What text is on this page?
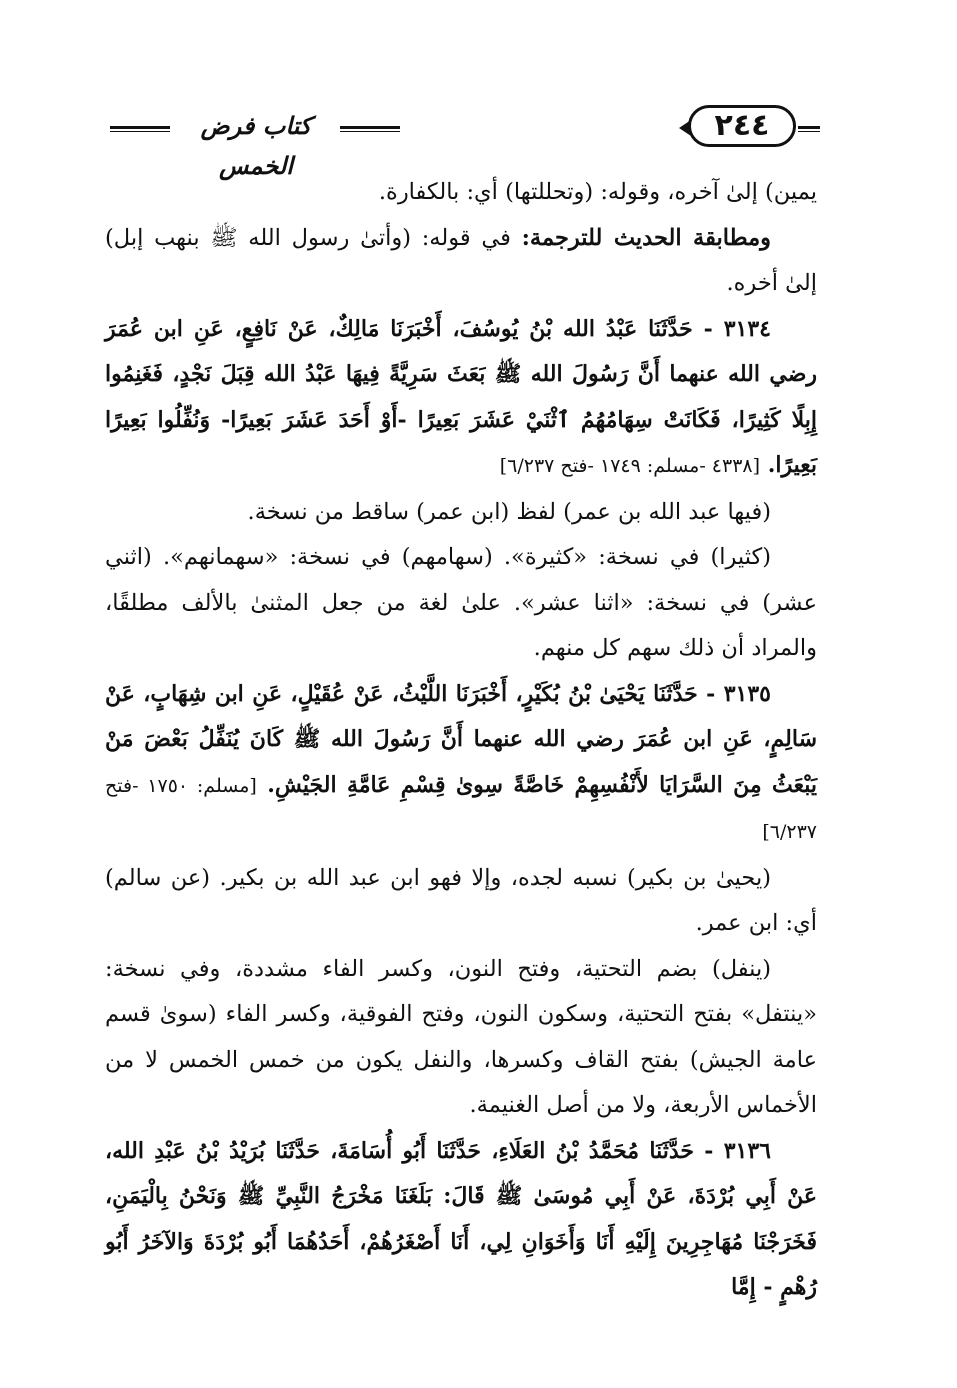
٢٤٤
كتاب فرض الخمس

يمين) إلىٰ آخره، وقوله: (وتحللتها) أي: بالكفارة.

ومطابقة الحديث للترجمة: في قوله: (وأتىٰ رسول الله ﷺ بنهب إبل) إلىٰ أخره.

٣١٣٤ - حَدَّثَنَا عَبْدُ الله بْنُ يُوسُفَ، أَخْبَرَنَا مَالِكٌ، عَنْ نَافِعٍ، عَنِ ابن عُمَرَ رضي الله عنهما أَنَّ رَسُولَ الله ﷺ بَعَثَ سَرِيَّةً فِيهَا عَبْدُ الله قِبَلَ نَجْدٍ، فَغَنِمُوا إِبِلًا كَثِيرًا، فَكَانَتْ سِهَامُهُمُ ٱثْنَيْ عَشَرَ بَعِيرًا -أَوْ أَحَدَ عَشَرَ بَعِيرًا- وَنُفِّلُوا بَعِيرًا بَعِيرًا. [٤٣٣٨ -مسلم: ١٧٤٩ -فتح ٦/٢٣٧]

(فيها عبد الله بن عمر) لفظ (ابن عمر) ساقط من نسخة.

(كثيرا) في نسخة: «كثيرة». (سهامهم) في نسخة: «سهمانهم». (اثني عشر) في نسخة: «اثنا عشر». علىٰ لغة من جعل المثنىٰ بالألف مطلقًا، والمراد أن ذلك سهم كل منهم.

٣١٣٥ - حَدَّثَنَا يَحْيَىٰ بْنُ بُكَيْرٍ، أَخْبَرَنَا اللَّيْثُ، عَنْ عُقَيْلٍ، عَنِ ابن شِهَابٍ، عَنْ سَالِمٍ، عَنِ ابن عُمَرَ رضي الله عنهما أَنَّ رَسُولَ الله ﷺ كَانَ يُنَفِّلُ بَعْضَ مَنْ يَبْعَثُ مِنَ السَّرَايَا لأَنْفُسِهِمْ خَاصَّةً سِوىٰ قِسْمِ عَامَّةِ الجَيْشِ. [مسلم: ١٧٥٠ -فتح ٦/٢٣٧]

(يحيىٰ بن بكير) نسبه لجده، وإلا فهو ابن عبد الله بن بكير. (عن سالم) أي: ابن عمر.

(ينفل) بضم التحتية، وفتح النون، وكسر الفاء مشددة، وفي نسخة: «ينتفل» بفتح التحتية، وسكون النون، وفتح الفوقية، وكسر الفاء (سوىٰ قسم عامة الجيش) بفتح القاف وكسرها، والنفل يكون من خمس الخمس لا من الأخماس الأربعة، ولا من أصل الغنيمة.

٣١٣٦ - حَدَّثَنَا مُحَمَّدُ بْنُ العَلَاءِ، حَدَّثَنَا أَبُو أُسَامَةَ، حَدَّثَنَا بُرَيْدُ بْنُ عَبْدِ الله، عَنْ أَبِي بُرْدَةَ، عَنْ أَبِي مُوسَىٰ ﷺ قَالَ: بَلَغَنَا مَخْرَجُ النَّبِيِّ ﷺ وَنَحْنُ بِالْيَمَنِ، فَخَرَجْنَا مُهَاجِرِينَ إِلَيْهِ أَنَا وَأَخَوَانِ لِي، أَنَا أَصْغَرُهُمْ، أَحَدُهُمَا أَبُو بُرْدَةَ وَالآخَرُ أَبُو رُهْمٍ - إِمَّا
